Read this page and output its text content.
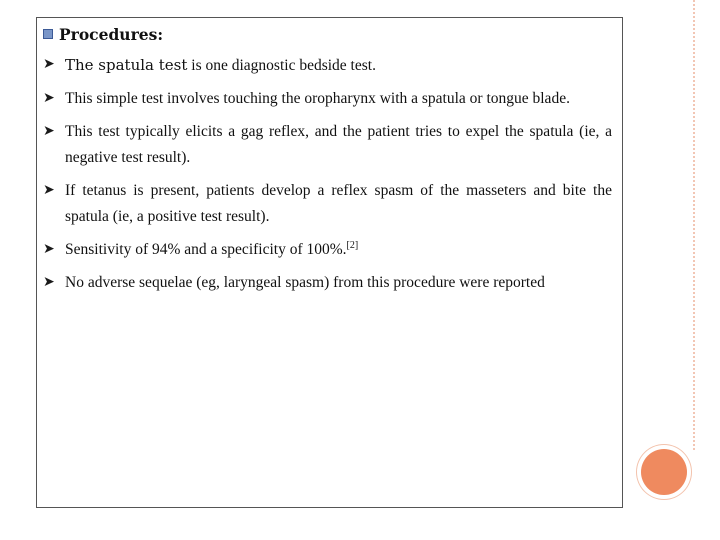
Procedures:
➤ The spatula test is one diagnostic bedside test.
➤ This simple test involves touching the oropharynx with a spatula or tongue blade.
➤ This test typically elicits a gag reflex, and the patient tries to expel the spatula (ie, a negative test result).
➤ If tetanus is present, patients develop a reflex spasm of the masseters and bite the spatula (ie, a positive test result).
➤ Sensitivity of 94% and a specificity of 100%.[2]
➤ No adverse sequelae (eg, laryngeal spasm) from this procedure were reported
